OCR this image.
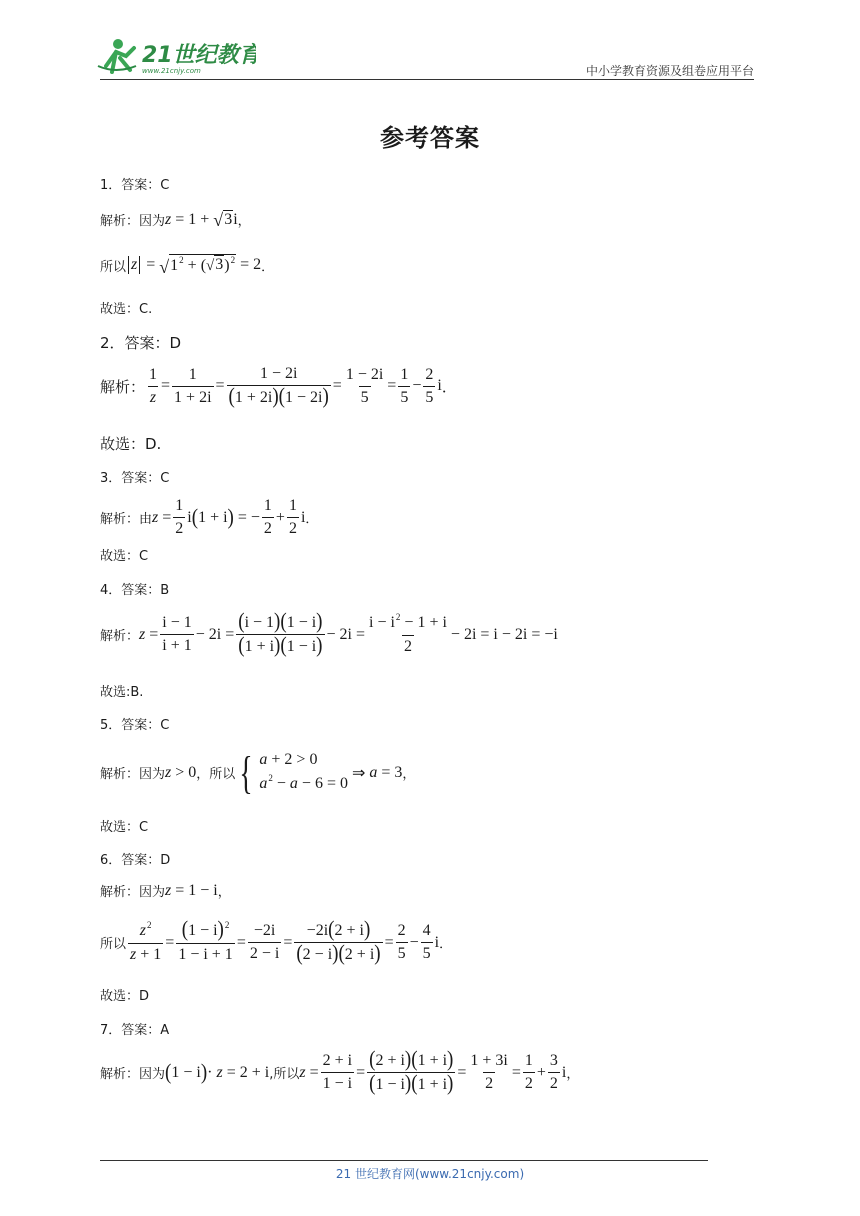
21世纪教育
www.21cnjy.com	中小学教育资源及组卷应用平台
参考答案
1．答案：C
解析：因为 z = 1 + √ 3 i ，
所以 z = √ $1^2$ + ( √ 3 )$^2$ = 2 ．
故选：C.
2．答案：D
解析： $\frac{1}{z} = \frac{1}{1 + 2i} = \frac{1 - 2i}{(1 + 2i)(1 - 2i)} = \frac{1 - 2i}{5} = \frac{1}{5} - \frac{2}{5}$ i ．
故选：D.
3．答案：C
解析：由 $z = \frac{1}{2}$ i ( 1 + i ) = − $\frac{1}{2} + \frac{1}{2}$ i ．
故选：C
4．答案：B
解析： $z = \frac{i - 1}{i + 1} - 2i = \frac{(i - 1)(1 - i)}{(1 + i)(1 - i)} - 2i = \frac{i - i^2 - 1 + i}{2} - 2i = i - 2i = -i$
故选:B.
5．答案：C
解析：因为 z > 0 ，所以 { a + 2 > 0
$a^2 - a - 6 = 0$
⇒ a = 3 ，
故选：C
6．答案：D
解析：因为 z = 1 − i ，
所以 $\frac{z^2}{z + 1} = \frac{(1 - i)^2}{1 - i + 1} = \frac{-2i}{2 - i} = \frac{-2i(2 + i)}{(2 - i)(2 + i)} = \frac{2}{5} - \frac{4}{5}$ i ．
故选：D
7．答案：A
解析：因为 ( 1 − i ) · z = 2 + i ,所以 $z = \frac{2 + i}{1 - i} = \frac{(2 + i)(1 + i)}{(1 - i)(1 + i)} = \frac{1 + 3i}{2} = \frac{1}{2} + \frac{3}{2}$ i ，
21 世纪教育网(www.21cnjy.com)
